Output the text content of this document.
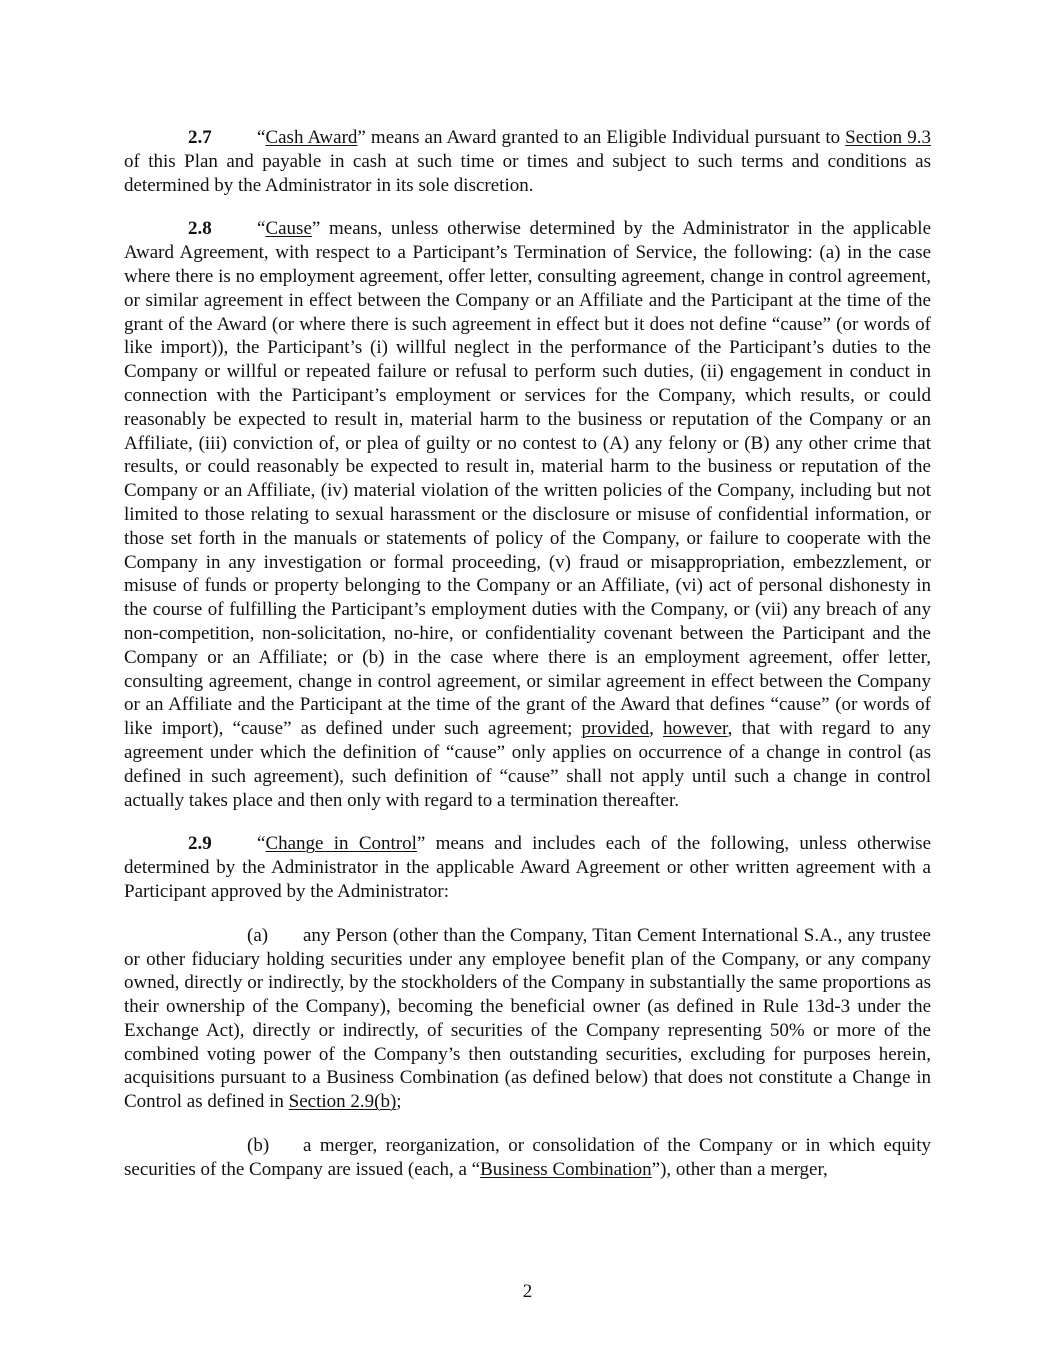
2.7 “Cash Award” means an Award granted to an Eligible Individual pursuant to Section 9.3 of this Plan and payable in cash at such time or times and subject to such terms and conditions as determined by the Administrator in its sole discretion.

2.8 “Cause” means, unless otherwise determined by the Administrator in the applicable Award Agreement, with respect to a Participant’s Termination of Service, the following: (a) in the case where there is no employment agreement, offer letter, consulting agreement, change in control agreement, or similar agreement in effect between the Company or an Affiliate and the Participant at the time of the grant of the Award (or where there is such agreement in effect but it does not define “cause” (or words of like import)), the Participant’s (i) willful neglect in the performance of the Participant’s duties to the Company or willful or repeated failure or refusal to perform such duties, (ii) engagement in conduct in connection with the Participant’s employment or services for the Company, which results, or could reasonably be expected to result in, material harm to the business or reputation of the Company or an Affiliate, (iii) conviction of, or plea of guilty or no contest to (A) any felony or (B) any other crime that results, or could reasonably be expected to result in, material harm to the business or reputation of the Company or an Affiliate, (iv) material violation of the written policies of the Company, including but not limited to those relating to sexual harassment or the disclosure or misuse of confidential information, or those set forth in the manuals or statements of policy of the Company, or failure to cooperate with the Company in any investigation or formal proceeding, (v) fraud or misappropriation, embezzlement, or misuse of funds or property belonging to the Company or an Affiliate, (vi) act of personal dishonesty in the course of fulfilling the Participant’s employment duties with the Company, or (vii) any breach of any non-competition, non-solicitation, no-hire, or confidentiality covenant between the Participant and the Company or an Affiliate; or (b) in the case where there is an employment agreement, offer letter, consulting agreement, change in control agreement, or similar agreement in effect between the Company or an Affiliate and the Participant at the time of the grant of the Award that defines “cause” (or words of like import), “cause” as defined under such agreement; provided, however, that with regard to any agreement under which the definition of “cause” only applies on occurrence of a change in control (as defined in such agreement), such definition of “cause” shall not apply until such a change in control actually takes place and then only with regard to a termination thereafter.

2.9 “Change in Control” means and includes each of the following, unless otherwise determined by the Administrator in the applicable Award Agreement or other written agreement with a Participant approved by the Administrator:

(a) any Person (other than the Company, Titan Cement International S.A., any trustee or other fiduciary holding securities under any employee benefit plan of the Company, or any company owned, directly or indirectly, by the stockholders of the Company in substantially the same proportions as their ownership of the Company), becoming the beneficial owner (as defined in Rule 13d-3 under the Exchange Act), directly or indirectly, of securities of the Company representing 50% or more of the combined voting power of the Company’s then outstanding securities, excluding for purposes herein, acquisitions pursuant to a Business Combination (as defined below) that does not constitute a Change in Control as defined in Section 2.9(b);

(b) a merger, reorganization, or consolidation of the Company or in which equity securities of the Company are issued (each, a “Business Combination”), other than a merger,

2
